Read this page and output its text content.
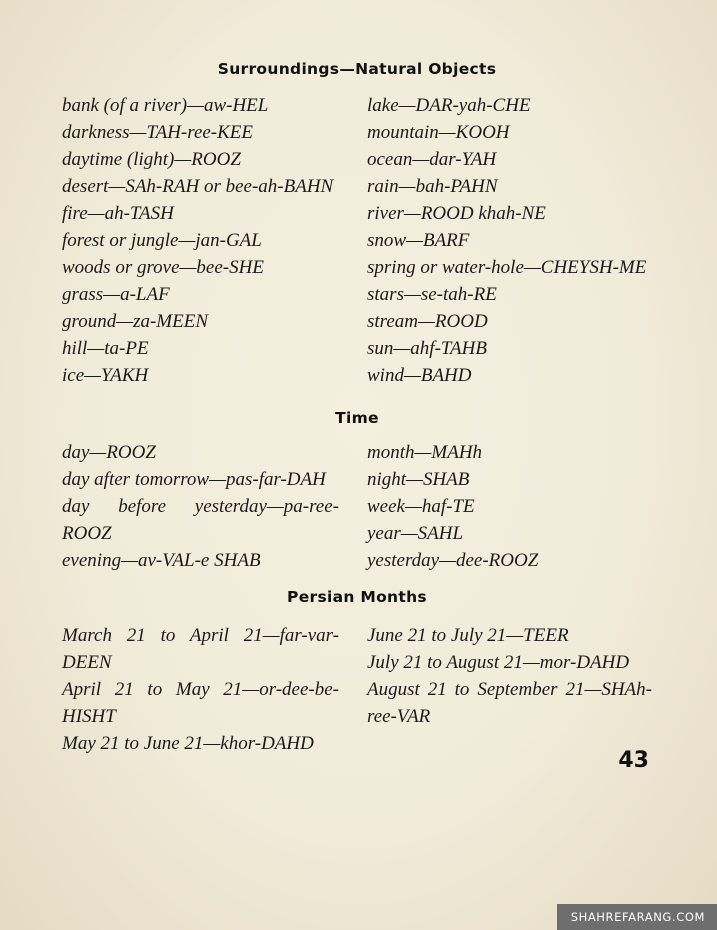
Surroundings—Natural Objects

bank (of a river)—aw-HEL

darkness—TAH-ree-KEE

daytime (light)—ROOZ

desert—SAh-RAH or bee-ah-BAHN

fire—ah-TASH

forest or jungle—jan-GAL

woods or grove—bee-SHE

grass—a-LAF

ground—za-MEEN

hill—ta-PE

ice—YAKH

lake—DAR-yah-CHE

mountain—KOOH

ocean—dar-YAH

rain—bah-PAHN

river—ROOD khah-NE

snow—BARF

spring or water-hole—CHEYSH-ME

stars—se-tah-RE

stream—ROOD

sun—ahf-TAHB

wind—BAHD

Time

day—ROOZ

day after tomorrow—pas-far-DAH

day before yesterday—pa-ree-ROOZ

evening—av-VAL-e SHAB

month—MAHh

night—SHAB

week—haf-TE

year—SAHL

yesterday—dee-ROOZ

Persian Months

March 21 to April 21—far-var-DEEN

April 21 to May 21—or-dee-be-HISHT

May 21 to June 21—khor-DAHD

June 21 to July 21—TEER

July 21 to August 21—mor-DAHD

August 21 to September 21—SHAh-ree-VAR

43
SHAHREFARANG.COM
